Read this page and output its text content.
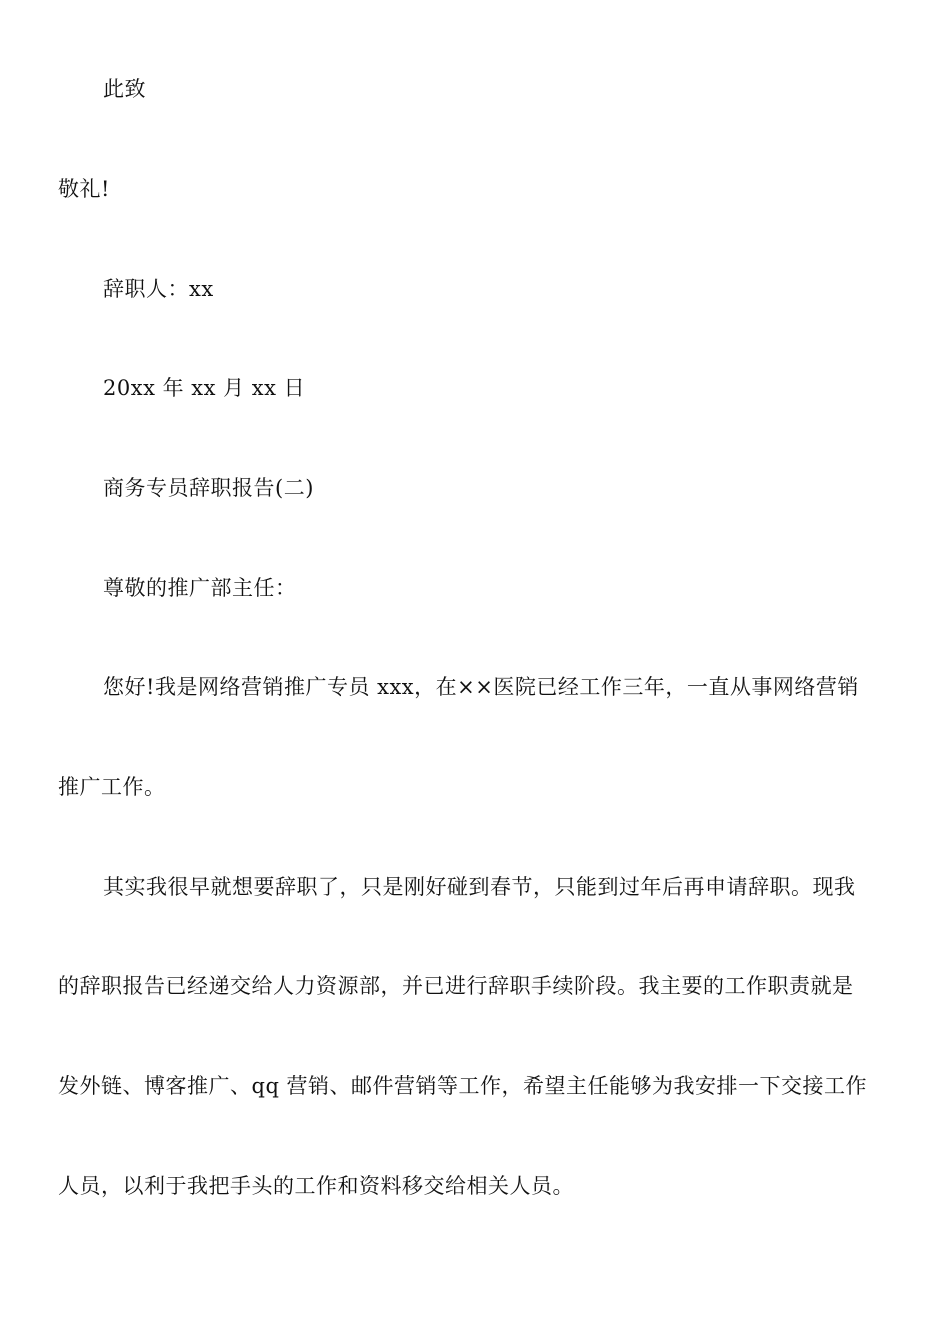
此致
敬礼!
辞职人：xx
20xx 年 xx 月 xx 日
商务专员辞职报告(二)
尊敬的推广部主任：
您好!我是网络营销推广专员 xxx，在××医院已经工作三年，一直从事网络营销
推广工作。
其实我很早就想要辞职了，只是刚好碰到春节，只能到过年后再申请辞职。现我
的辞职报告已经递交给人力资源部，并已进行辞职手续阶段。我主要的工作职责就是
发外链、博客推广、qq 营销、邮件营销等工作，希望主任能够为我安排一下交接工作
人员，以利于我把手头的工作和资料移交给相关人员。
